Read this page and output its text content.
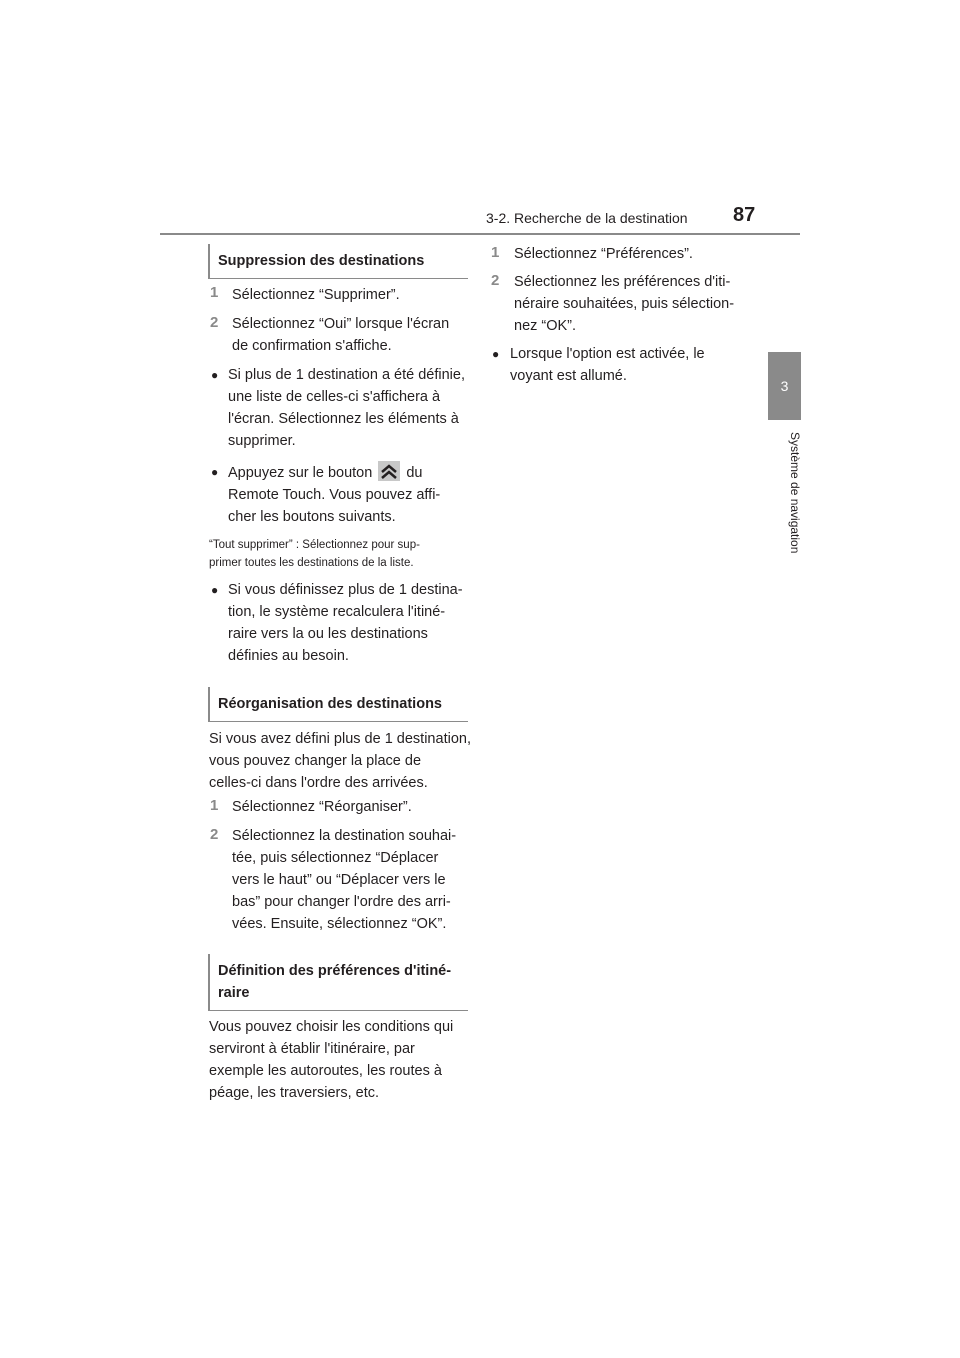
3-2. Recherche de la destination 87
3
Système de navigation
Suppression des destinations
1 Sélectionnez “Supprimer”.
2 Sélectionnez “Oui” lorsque l'écran
de confirmation s'affiche.
● Si plus de 1 destination a été définie,
une liste de celles-ci s'affichera à
l'écran. Sélectionnez les éléments à
supprimer.
● Appuyez sur le bouton du
Remote Touch. Vous pouvez affi-
cher les boutons suivants.
“Tout supprimer” : Sélectionnez pour sup-
primer toutes les destinations de la liste.
● Si vous définissez plus de 1 destina-
tion, le système recalculera l'itiné-
raire vers la ou les destinations
définies au besoin.
Réorganisation des destinations
Si vous avez défini plus de 1 destination,
vous pouvez changer la place de
celles-ci dans l'ordre des arrivées.
1 Sélectionnez “Réorganiser”.
2 Sélectionnez la destination souhai-
tée, puis sélectionnez “Déplacer
vers le haut” ou “Déplacer vers le
bas” pour changer l'ordre des arri-
vées. Ensuite, sélectionnez “OK”.
Définition des préférences d'itiné-
raire
Vous pouvez choisir les conditions qui
serviront à établir l'itinéraire, par
exemple les autoroutes, les routes à
péage, les traversiers, etc.
1 Sélectionnez “Préférences”.
2 Sélectionnez les préférences d'iti-
néraire souhaitées, puis sélection-
nez “OK”.
● Lorsque l'option est activée, le
voyant est allumé.
